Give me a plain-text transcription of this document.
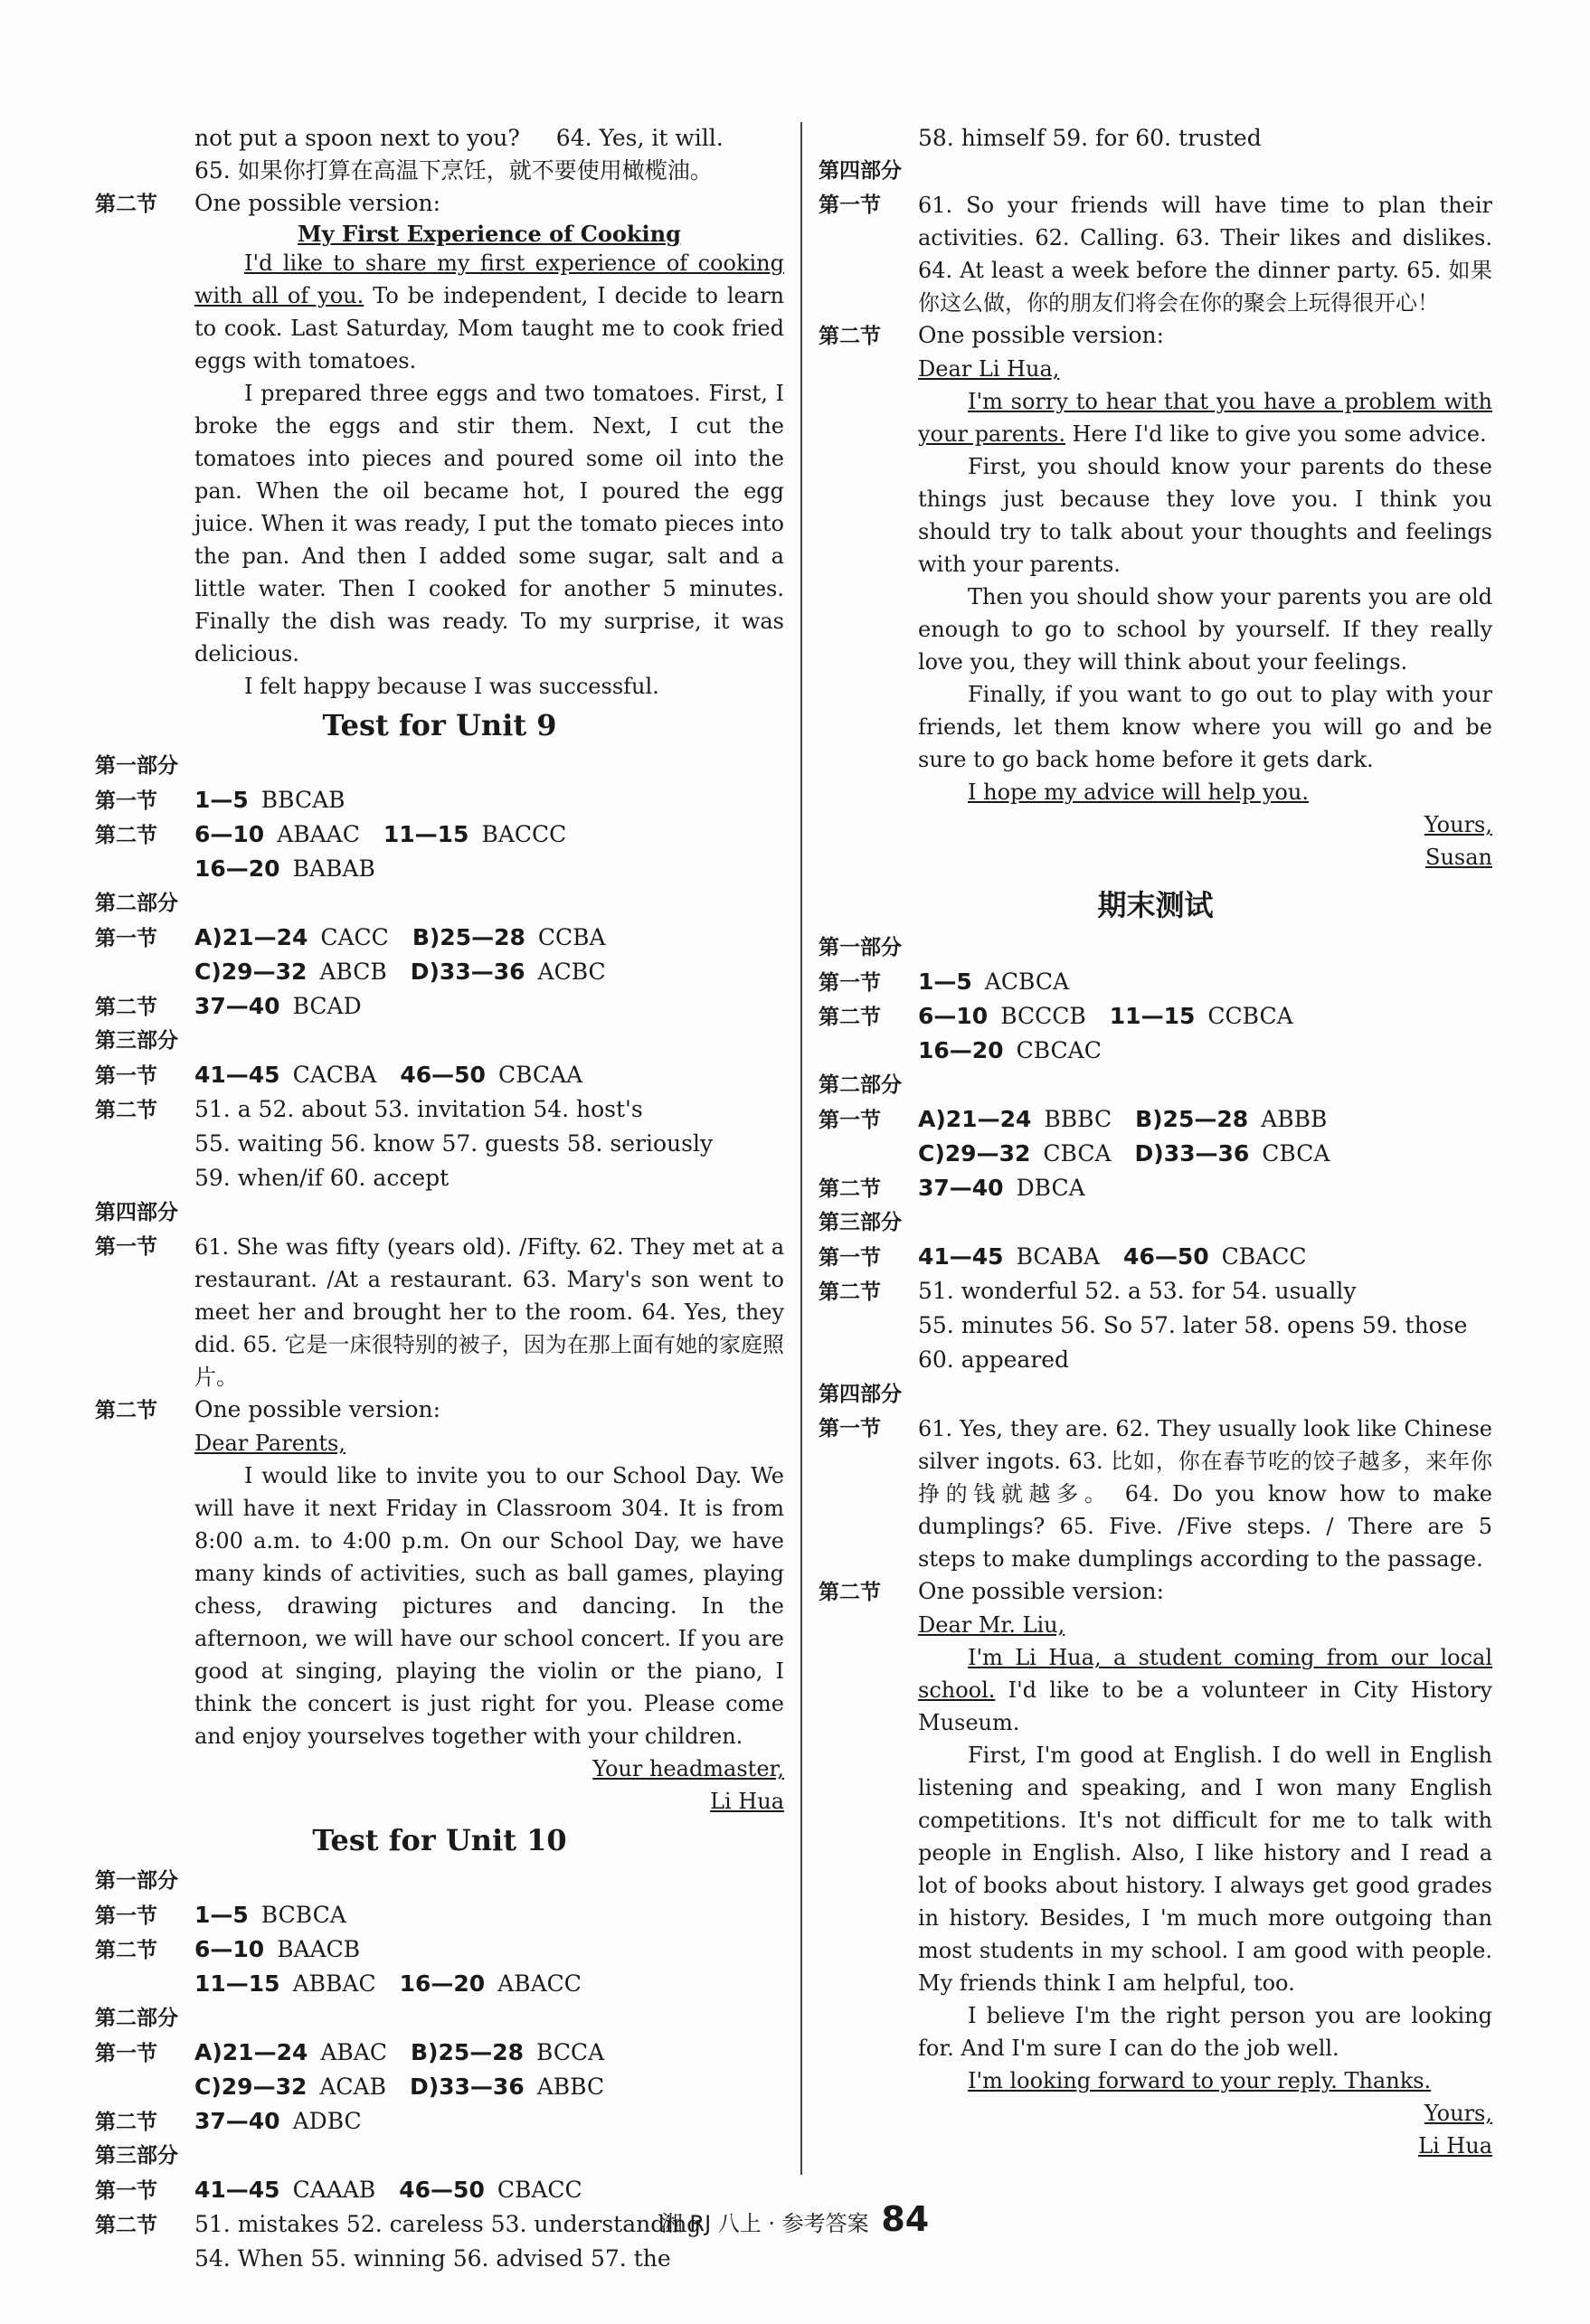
not put a spoon next to you? 64. Yes, it will.
65. 如果你打算在高温下烹饪，就不要使用橄榄油。
第二节	One possible version:
My First Experience of Cooking
I'd like to share my first experience of cooking with all of you. To be independent, I decide to learn to cook. Last Saturday, Mom taught me to cook fried eggs with tomatoes.
I prepared three eggs and two tomatoes. First, I broke the eggs and stir them. Next, I cut the tomatoes into pieces and poured some oil into the pan. When the oil became hot, I poured the egg juice. When it was ready, I put the tomato pieces into the pan. And then I added some sugar, salt and a little water. Then I cooked for another 5 minutes. Finally the dish was ready. To my surprise, it was delicious.
I felt happy because I was successful.
Test for Unit 9
第一部分
第一节	1—5 BBCAB
第二节	6—10 ABAAC 11—15 BACCC
16—20 BABAB
第二部分
第一节	A)21—24 CACC B)25—28 CCBA
C)29—32 ABCB D)33—36 ACBC
第二节	37—40 BCAD
第三部分
第一节	41—45 CACBA 46—50 CBCAA
第二节	51. a 52. about 53. invitation 54. host's
55. waiting 56. know 57. guests 58. seriously
59. when/if 60. accept
第四部分
第一节	61. She was fifty (years old). /Fifty. 62. They met at a restaurant. /At a restaurant. 63. Mary's son went to meet her and brought her to the room. 64. Yes, they did. 65. 它是一床很特别的被子，因为在那上面有她的家庭照片。
第二节	One possible version:
Dear Parents,
I would like to invite you to our School Day. We will have it next Friday in Classroom 304. It is from 8:00 a.m. to 4:00 p.m. On our School Day, we have many kinds of activities, such as ball games, playing chess, drawing pictures and dancing. In the afternoon, we will have our school concert. If you are good at singing, playing the violin or the piano, I think the concert is just right for you. Please come and enjoy yourselves together with your children.
Your headmaster,
Li Hua
Test for Unit 10
第一部分
第一节	1—5 BCBCA
第二节	6—10 BAACB
11—15 ABBAC 16—20 ABACC
第二部分
第一节	A)21—24 ABAC B)25—28 BCCA
C)29—32 ACAB D)33—36 ABBC
第二节	37—40 ADBC
第三部分
第一节	41—45 CAAAB 46—50 CBACC
第二节	51. mistakes 52. careless 53. understanding
54. When 55. winning 56. advised 57. the
58. himself 59. for 60. trusted
第四部分
第一节	61. So your friends will have time to plan their activities. 62. Calling. 63. Their likes and dislikes. 64. At least a week before the dinner party. 65. 如果你这么做，你的朋友们将会在你的聚会上玩得很开心！
第二节	One possible version:
Dear Li Hua,
I'm sorry to hear that you have a problem with your parents. Here I'd like to give you some advice.
First, you should know your parents do these things just because they love you. I think you should try to talk about your thoughts and feelings with your parents.
Then you should show your parents you are old enough to go to school by yourself. If they really love you, they will think about your feelings.
Finally, if you want to go out to play with your friends, let them know where you will go and be sure to go back home before it gets dark.
I hope my advice will help you.
Yours,
Susan
期末测试
第一部分
第一节	1—5 ACBCA
第二节	6—10 BCCCB 11—15 CCBCA
16—20 CBCAC
第二部分
第一节	A)21—24 BBBC B)25—28 ABBB
C)29—32 CBCA D)33—36 CBCA
第二节	37—40 DBCA
第三部分
第一节	41—45 BCABA 46—50 CBACC
第二节	51. wonderful 52. a 53. for 54. usually
55. minutes 56. So 57. later 58. opens 59. those
60. appeared
第四部分
第一节	61. Yes, they are. 62. They usually look like Chinese silver ingots. 63. 比如，你在春节吃的饺子越多，来年你挣的钱就越多。 64. Do you know how to make dumplings? 65. Five. /Five steps. / There are 5 steps to make dumplings according to the passage.
第二节	One possible version:
Dear Mr. Liu,
I'm Li Hua, a student coming from our local school. I'd like to be a volunteer in City History Museum.
First, I'm good at English. I do well in English listening and speaking, and I won many English competitions. It's not difficult for me to talk with people in English. Also, I like history and I read a lot of books about history. I always get good grades in history. Besides, I 'm much more outgoing than most students in my school. I am good with people. My friends think I am helpful, too.
I believe I'm the right person you are looking for. And I'm sure I can do the job well.
I'm looking forward to your reply. Thanks.
Yours,
Li Hua
湘 RJ 八上 · 参考答案 84
